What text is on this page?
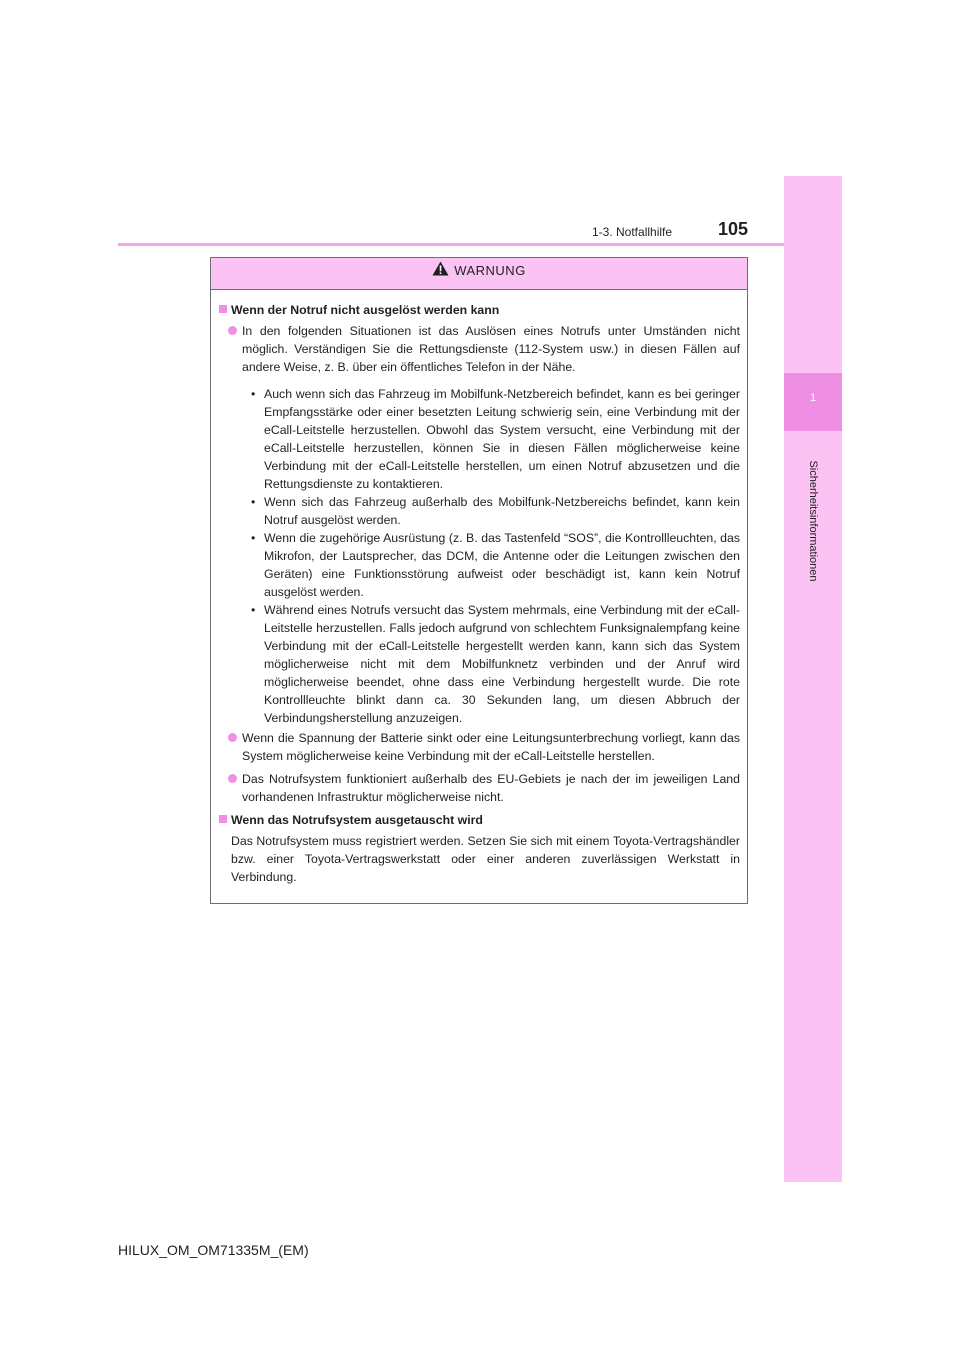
1
Sicherheitsinformationen
1-3. Notfallhilfe	105
WARNUNG
Wenn der Notruf nicht ausgelöst werden kann
In den folgenden Situationen ist das Auslösen eines Notrufs unter Umständen nicht möglich. Verständigen Sie die Rettungsdienste (112-System usw.) in diesen Fällen auf andere Weise, z. B. über ein öffentliches Telefon in der Nähe.
• Auch wenn sich das Fahrzeug im Mobilfunk-Netzbereich befindet, kann es bei geringer Empfangsstärke oder einer besetzten Leitung schwierig sein, eine Verbindung mit der eCall-Leitstelle herzustellen. Obwohl das System versucht, eine Verbindung mit der eCall-Leitstelle herzustellen, können Sie in diesen Fällen möglicherweise keine Verbindung mit der eCall-Leitstelle herstellen, um einen Notruf abzusetzen und die Rettungsdienste zu kontaktieren.
• Wenn sich das Fahrzeug außerhalb des Mobilfunk-Netzbereichs befindet, kann kein Notruf ausgelöst werden.
• Wenn die zugehörige Ausrüstung (z. B. das Tastenfeld “SOS”, die Kontrollleuchten, das Mikrofon, der Lautsprecher, das DCM, die Antenne oder die Leitungen zwischen den Geräten) eine Funktionsstörung aufweist oder beschädigt ist, kann kein Notruf ausgelöst werden.
• Während eines Notrufs versucht das System mehrmals, eine Verbindung mit der eCall-Leitstelle herzustellen. Falls jedoch aufgrund von schlechtem Funksignalempfang keine Verbindung mit der eCall-Leitstelle hergestellt werden kann, kann sich das System möglicherweise nicht mit dem Mobilfunknetz verbinden und der Anruf wird möglicherweise beendet, ohne dass eine Verbindung hergestellt wurde. Die rote Kontrollleuchte blinkt dann ca. 30 Sekunden lang, um diesen Abbruch der Verbindungsherstellung anzuzeigen.
Wenn die Spannung der Batterie sinkt oder eine Leitungsunterbrechung vorliegt, kann das System möglicherweise keine Verbindung mit der eCall-Leitstelle herstellen.
Das Notrufsystem funktioniert außerhalb des EU-Gebiets je nach der im jeweiligen Land vorhandenen Infrastruktur möglicherweise nicht.
Wenn das Notrufsystem ausgetauscht wird
Das Notrufsystem muss registriert werden. Setzen Sie sich mit einem Toyota-Vertragshändler bzw. einer Toyota-Vertragswerkstatt oder einer anderen zuverlässigen Werkstatt in Verbindung.
HILUX_OM_OM71335M_(EM)
